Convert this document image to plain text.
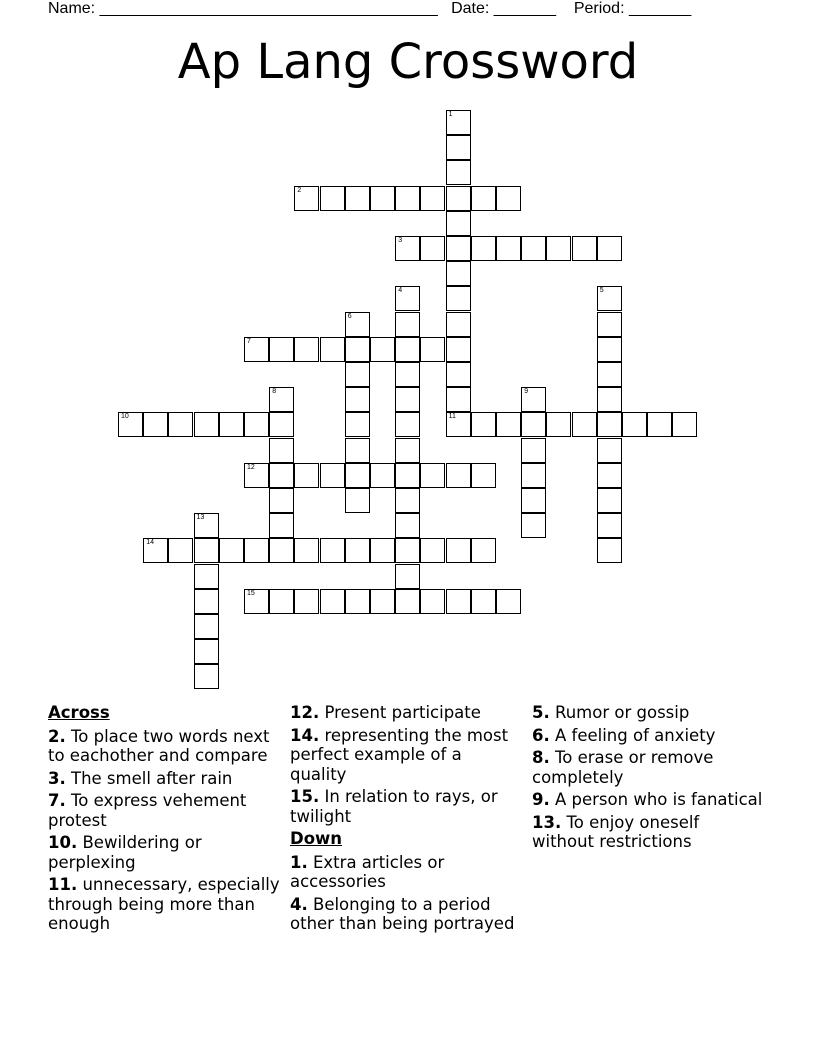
Name: ______________________________________ Date: _______ Period: _______
Ap Lang Crossword
1
2
3
4	5
6
7
8	9
10	11
12
13
14
15
Across
2. To place two words next to eachother and compare
3. The smell after rain
7. To express vehement protest
10. Bewildering or perplexing
11. unnecessary, especially through being more than enough
12. Present participate
14. representing the most perfect example of a quality
15. In relation to rays, or twilight
Down
1. Extra articles or accessories
4. Belonging to a period other than being portrayed
5. Rumor or gossip
6. A feeling of anxiety
8. To erase or remove completely
9. A person who is fanatical
13. To enjoy oneself without restrictions
